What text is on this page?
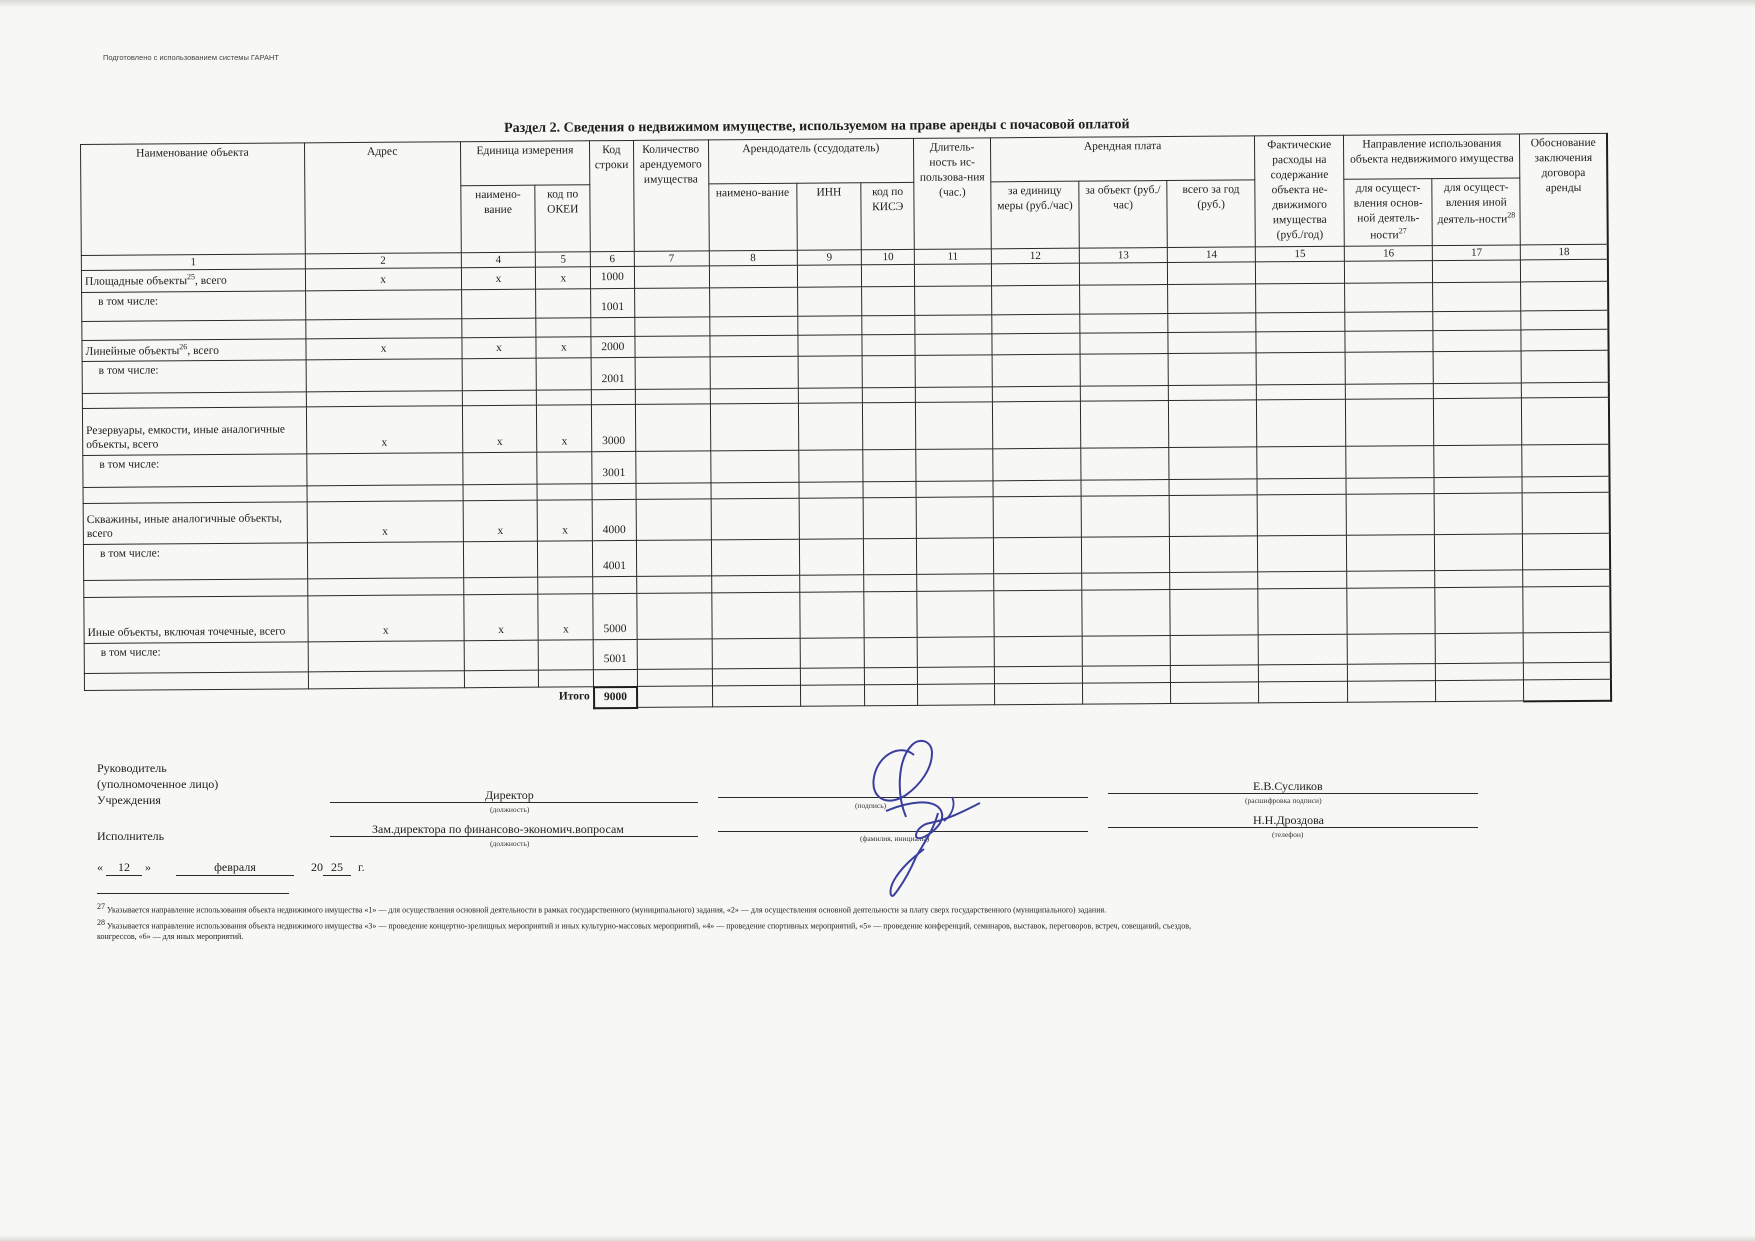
Подготовлено с использованием системы ГАРАНТ
Раздел 2. Сведения о недвижимом имуществе, используемом на праве аренды с почасовой оплатой
Наименование объекта	Адрес	Единица измерения		Код строки	Количество арендуемого имущества	Арендодатель (ссудодатель)			Длитель-ность ис-пользова-ния (час.)	Арендная плата			Фактические расходы на содержание объекта не-движимого имущества (руб./год)	Направление использования объекта недвижимого имущества		Обоснование заключения договора аренды
		наимено-вание	код по ОКЕИ			наимено-вание	ИНН	код по КИСЭ		за единицу меры (руб./час)	за объект (руб./час)	всего за год (руб.)		для осущест-вления основ-ной деятель-ности$^{27}$	для осущест-вления иной деятель-ности$^{28}$
1	2	4	5	6	7	8	9	10	11	12	13	14	15	16	17	18
Площадные объекты$^{25}$, всего	x	x	x	1000												
в том числе:				1001												

Линейные объекты$^{26}$, всего	x	x	x	2000												
в том числе:				2001												

Резервуары, емкости, иные аналогичные объекты, всего	x	x	x	3000												
в том числе:				3001												

Скважины, иные аналогичные объекты, всего	x	x	x	4000												
в том числе:				4001												

Иные объекты, включая точечные, всего	x	x	x	5000												
в том числе:				5001												

Итого				9000												
Руководитель
(уполномоченное лицо)
Учреждения	Директор
(должность)	(подпись)
Е.В.Сусликов
(расшифровка подписи)
Исполнитель	Зам.директора по финансово-экономич.вопросам
(должность)
(фамилия, инициалы)
Н.Н.Дроздова
(телефон)
« 12 »	февраля	20 25 г.
$^{27}$ Указывается направление использования объекта недвижимого имущества «1» — для осуществления основной деятельности в рамках государственного (муниципального) задания, «2» — для осуществления основной деятельности за плату сверх государственного (муниципального) задания.
$^{28}$ Указывается направление использования объекта недвижимого имущества «3» — проведение концертно-зрелищных мероприятий и иных культурно-массовых мероприятий, «4» — проведение спортивных мероприятий, «5» — проведение конференций, семинаров, выставок, переговоров, встреч, совещаний, съездов,
конгрессов, «6» — для иных мероприятий.
